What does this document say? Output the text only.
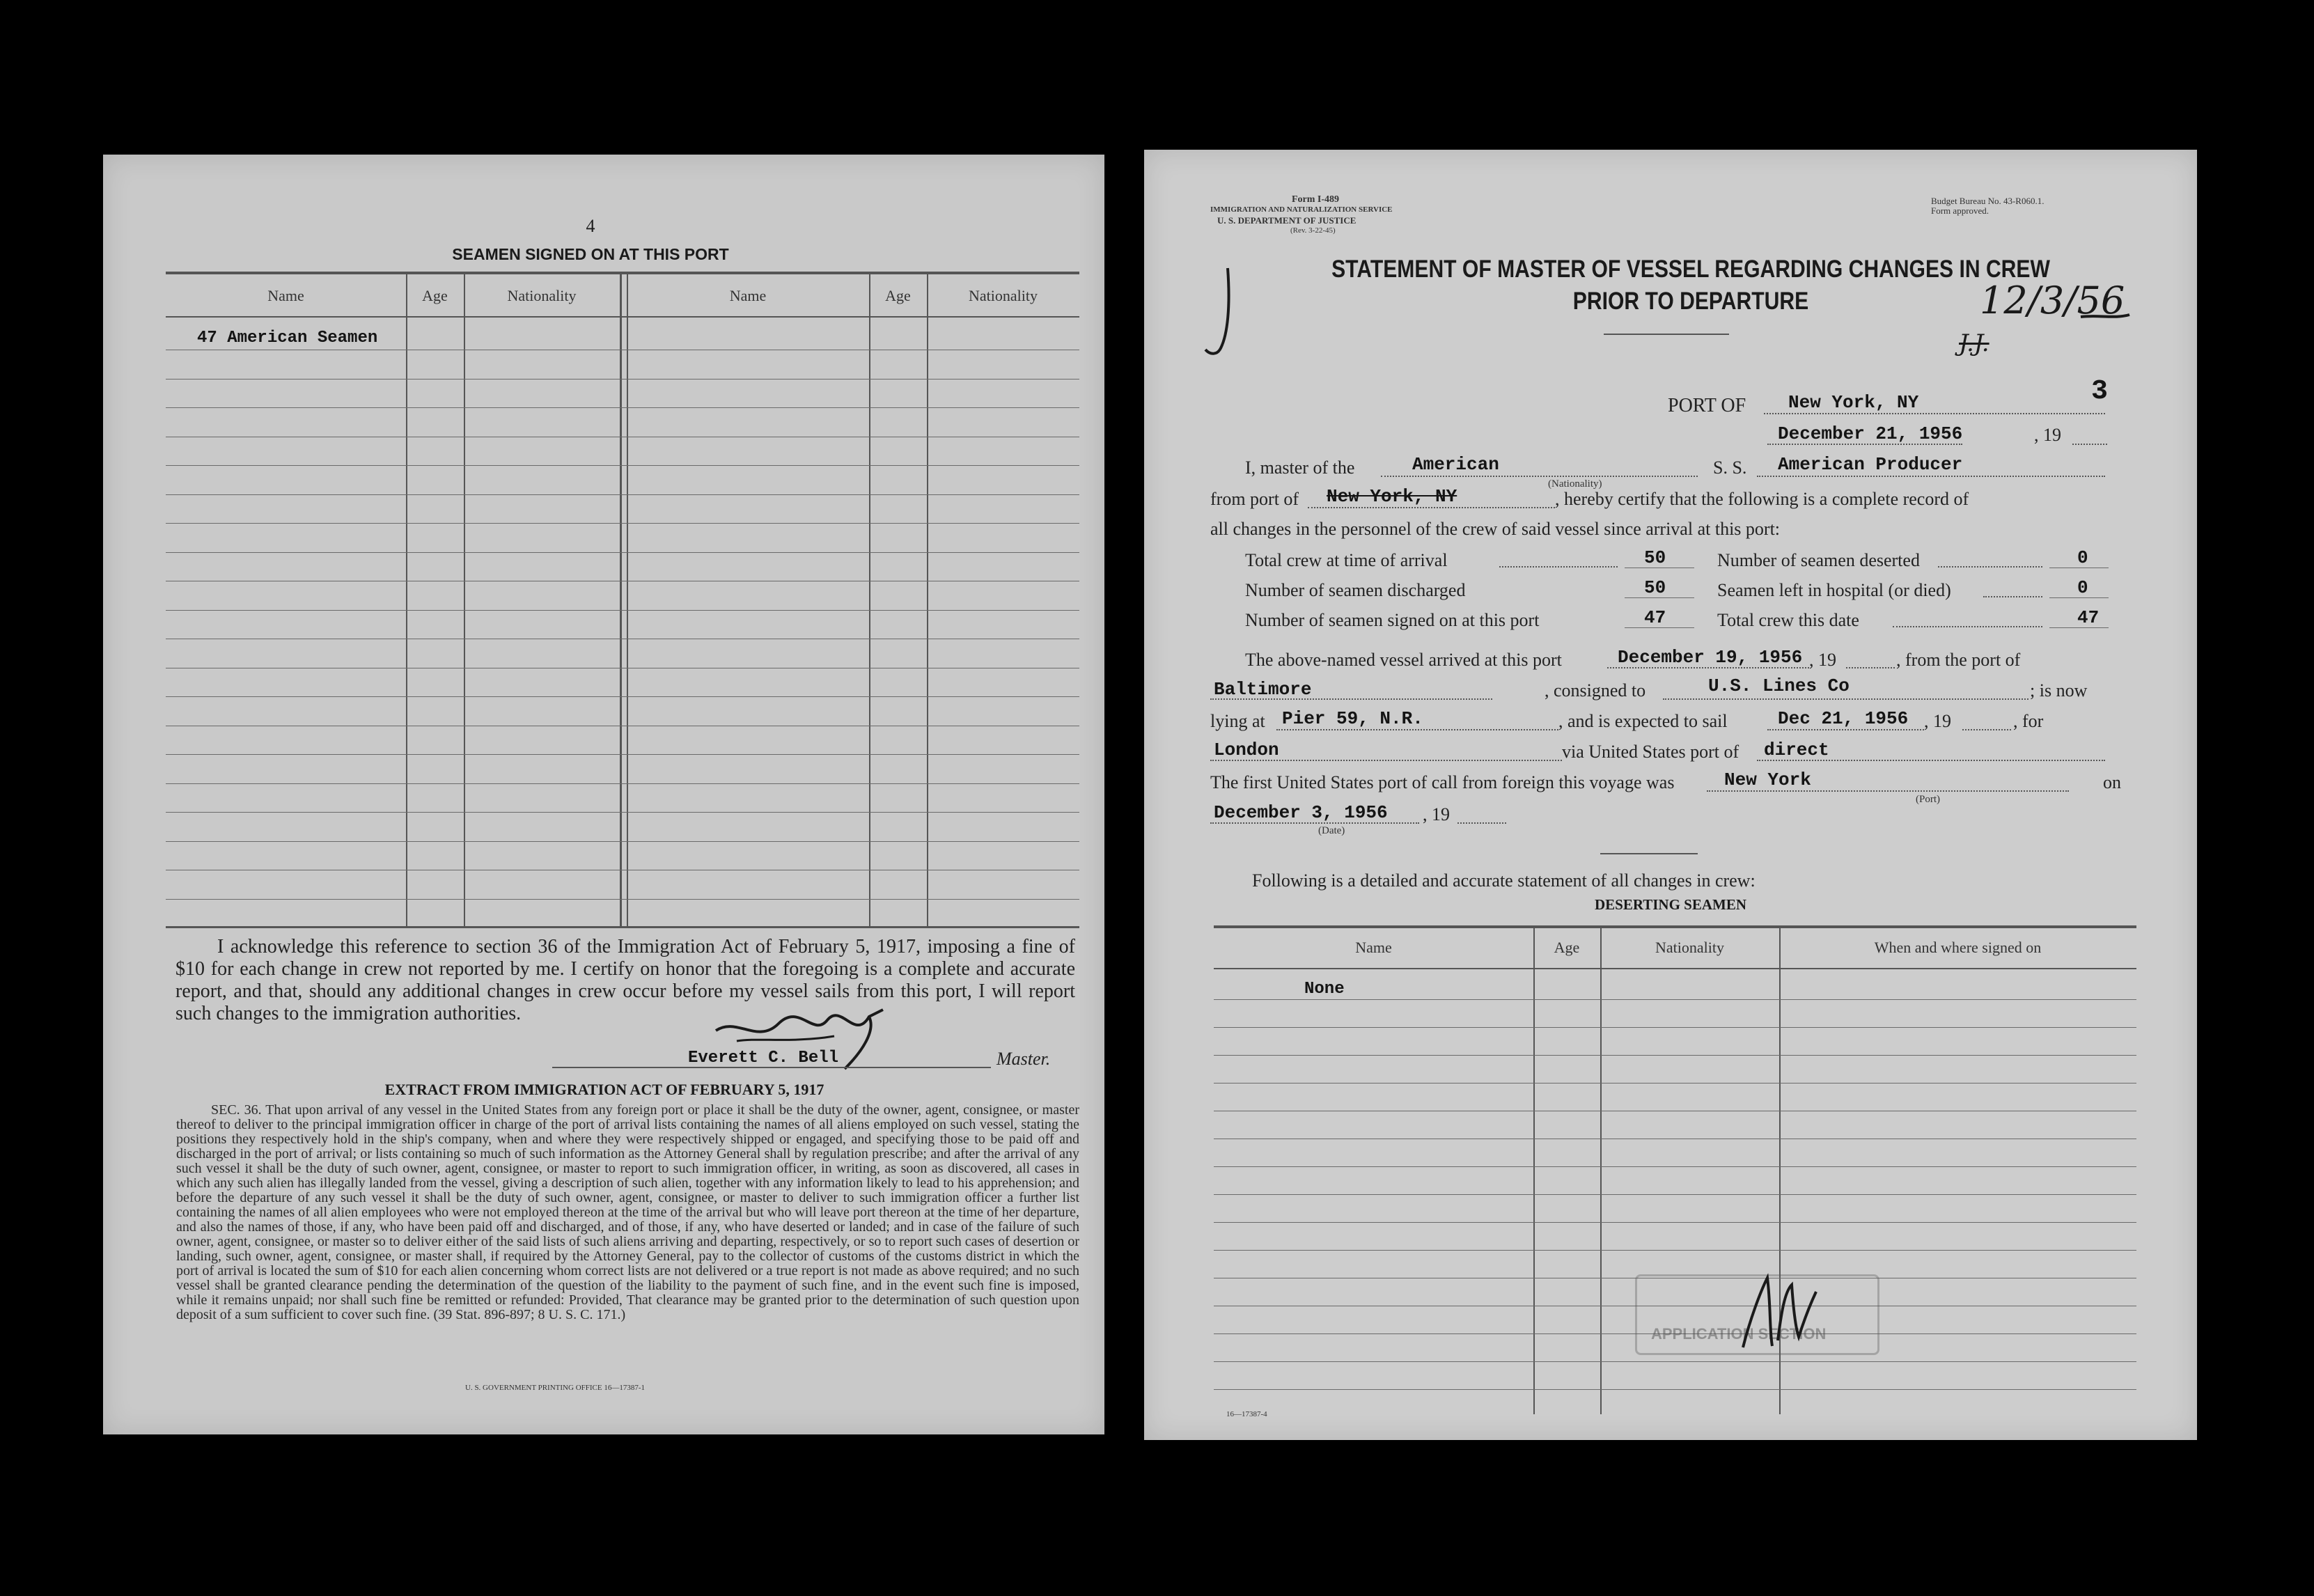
4
SEAMEN SIGNED ON AT THIS PORT
Name	Age	Nationality	Name	Age	Nationality
47 American Seamen
I acknowledge this reference to section 36 of the Immigration Act of February 5, 1917, imposing a fine of $10 for each change in crew not reported by me. I certify on honor that the foregoing is a complete and accurate report, and that, should any additional changes in crew occur before my vessel sails from this port, I will report such changes to the immigration authorities.
Everett C. Bell	Master.
EXTRACT FROM IMMIGRATION ACT OF FEBRUARY 5, 1917
SEC. 36. That upon arrival of any vessel in the United States from any foreign port or place it shall be the duty of the owner, agent, consignee, or master thereof to deliver to the principal immigration officer in charge of the port of arrival lists containing the names of all aliens employed on such vessel, stating the positions they respectively hold in the ship's company, when and where they were respectively shipped or engaged, and specifying those to be paid off and discharged in the port of arrival; or lists containing so much of such information as the Attorney General shall by regulation prescribe; and after the arrival of any such vessel it shall be the duty of such owner, agent, consignee, or master to report to such immigration officer, in writing, as soon as discovered, all cases in which any such alien has illegally landed from the vessel, giving a description of such alien, together with any information likely to lead to his apprehension; and before the departure of any such vessel it shall be the duty of such owner, agent, consignee, or master to deliver to such immigration officer a further list containing the names of all alien employees who were not employed thereon at the time of the arrival but who will leave port thereon at the time of her departure, and also the names of those, if any, who have been paid off and discharged, and of those, if any, who have deserted or landed; and in case of the failure of such owner, agent, consignee, or master so to deliver either of the said lists of such aliens arriving and departing, respectively, or so to report such cases of desertion or landing, such owner, agent, consignee, or master shall, if required by the Attorney General, pay to the collector of customs of the customs district in which the port of arrival is located the sum of $10 for each alien concerning whom correct lists are not delivered or a true report is not made as above required; and no such vessel shall be granted clearance pending the determination of the question of the liability to the payment of such fine, and in the event such fine is imposed, while it remains unpaid; nor shall such fine be remitted or refunded: Provided, That clearance may be granted prior to the determination of such question upon deposit of a sum sufficient to cover such fine. (39 Stat. 896-897; 8 U. S. C. 171.)
U. S. GOVERNMENT PRINTING OFFICE 16—17387-1
Form I-489
IMMIGRATION AND NATURALIZATION SERVICE
U. S. DEPARTMENT OF JUSTICE
(Rev. 3-22-45)
Budget Bureau No. 43-R060.1.
Form approved.
STATEMENT OF MASTER OF VESSEL REGARDING CHANGES IN CREW
PRIOR TO DEPARTURE	12/3/56
J.J.
PORT OF New York, NY	3
December 21, 1956	, 19
I, master of the	American
(Nationality)
S. S. American Producer
from port of New York, NY	, hereby certify that the following is a complete record of
all changes in the personnel of the crew of said vessel since arrival at this port:
Total crew at time of arrival	50	Number of seamen deserted	0
Number of seamen discharged	50	Seamen left in hospital (or died)	0
Number of seamen signed on at this port	47	Total crew this date	47
The above-named vessel arrived at this port	December 19, 1956 , 19	, from the port of
Baltimore	, consigned to	U.S. Lines Co	; is now
lying at Pier 59, N.R.	, and is expected to sail	Dec 21, 1956 , 19	, for
London	via United States port of direct
The first United States port of call from foreign this voyage was	New York
(Port)
on
December 3, 1956
(Date)
, 19
Following is a detailed and accurate statement of all changes in crew:
DESERTING SEAMEN
Name	Age	Nationality	When and where signed on
None
APPLICATION SECTION
16—17387-4
